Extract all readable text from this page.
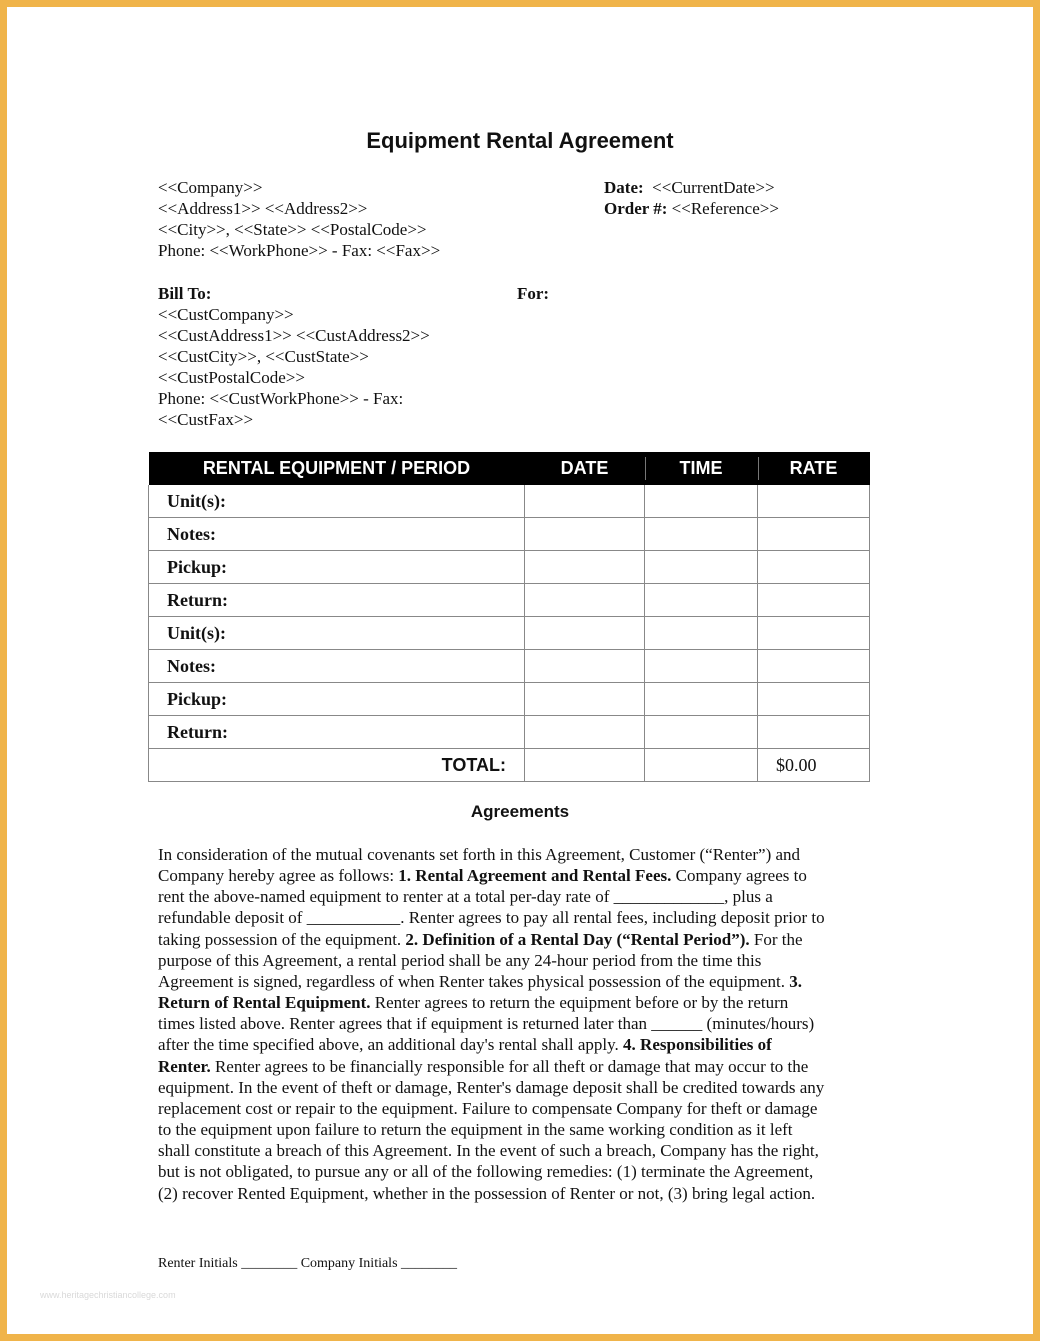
Equipment Rental Agreement
<<Company>>
<<Address1>> <<Address2>>
<<City>>, <<State>> <<PostalCode>>
Phone: <<WorkPhone>> - Fax: <<Fax>>
Date: <<CurrentDate>>
Order #: <<Reference>>
Bill To:
<<CustCompany>>
<<CustAddress1>> <<CustAddress2>>
<<CustCity>>, <<CustState>>
<<CustPostalCode>>
Phone: <<CustWorkPhone>> - Fax:
<<CustFax>>
For:
RENTAL EQUIPMENT / PERIOD	DATE	TIME	RATE
Unit(s):			
Notes:			
Pickup:			
Return:			
Unit(s):			
Notes:			
Pickup:			
Return:			
TOTAL:			$0.00
Agreements
In consideration of the mutual covenants set forth in this Agreement, Customer (“Renter”) and
Company hereby agree as follows: 1. Rental Agreement and Rental Fees. Company agrees to
rent the above-named equipment to renter at a total per-day rate of _____________, plus a
refundable deposit of ___________. Renter agrees to pay all rental fees, including deposit prior to
taking possession of the equipment. 2. Definition of a Rental Day (“Rental Period”). For the
purpose of this Agreement, a rental period shall be any 24-hour period from the time this
Agreement is signed, regardless of when Renter takes physical possession of the equipment. 3.
Return of Rental Equipment. Renter agrees to return the equipment before or by the return
times listed above. Renter agrees that if equipment is returned later than ______ (minutes/hours)
after the time specified above, an additional day's rental shall apply. 4. Responsibilities of
Renter. Renter agrees to be financially responsible for all theft or damage that may occur to the
equipment. In the event of theft or damage, Renter's damage deposit shall be credited towards any
replacement cost or repair to the equipment. Failure to compensate Company for theft or damage
to the equipment upon failure to return the equipment in the same working condition as it left
shall constitute a breach of this Agreement. In the event of such a breach, Company has the right,
but is not obligated, to pursue any or all of the following remedies: (1) terminate the Agreement,
(2) recover Rented Equipment, whether in the possession of Renter or not, (3) bring legal action.
Renter Initials ________ Company Initials ________
www.heritagechristiancollege.com
